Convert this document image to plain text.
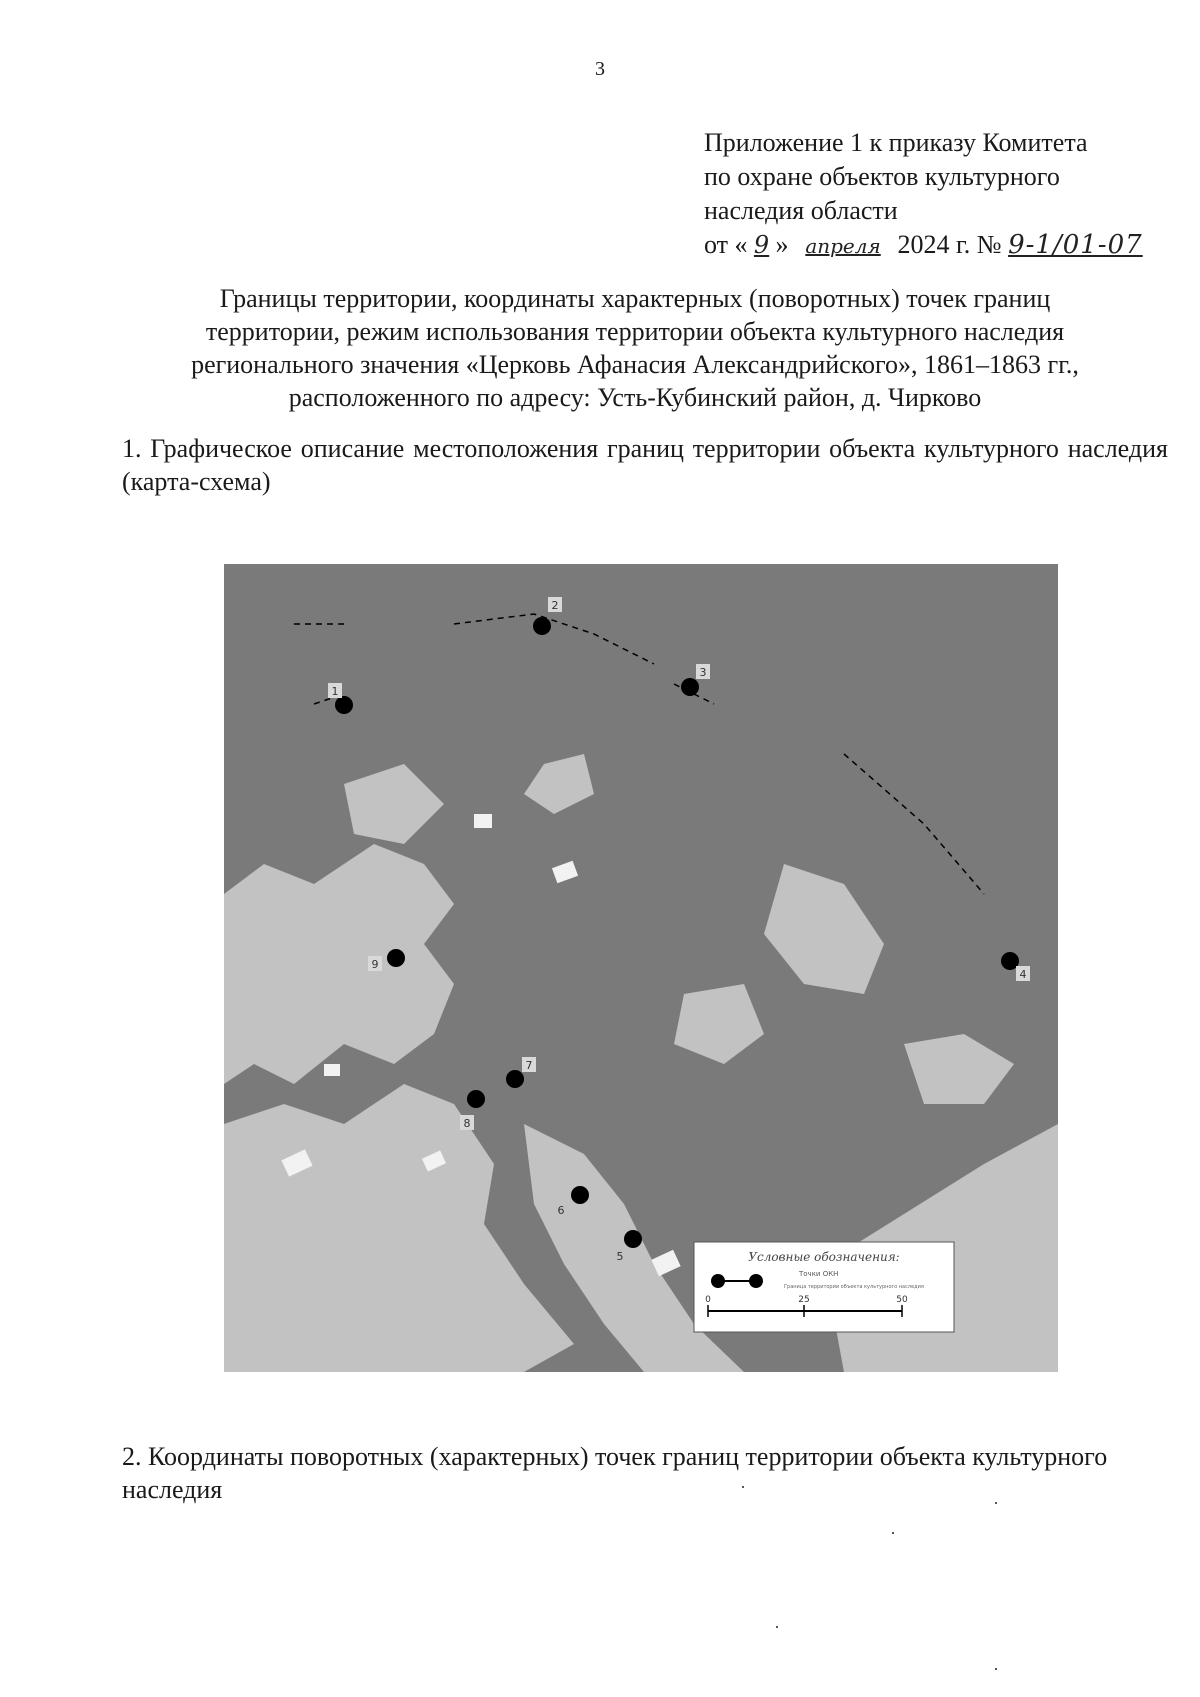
3
Приложение 1 к приказу Комитета
по охране объектов культурного
наследия области
от « 9 » апреля 2024 г. № 9-1/01-07
Границы территории, координаты характерных (поворотных) точек границ
территории, режим использования территории объекта культурного наследия
регионального значения «Церковь Афанасия Александрийского», 1861–1863 гг.,
расположенного по адресу: Усть-Кубинский район, д. Чирково
1. Графическое описание местоположения границ территории объекта культурного наследия (карта-схема)
1
2
3
4
5
6
7
8
9
Условные обозначения:
Точки ОКН
Граница территории объекта культурного наследия
0	25	50
2. Координаты поворотных (характерных) точек границ территории объекта культурного наследия
